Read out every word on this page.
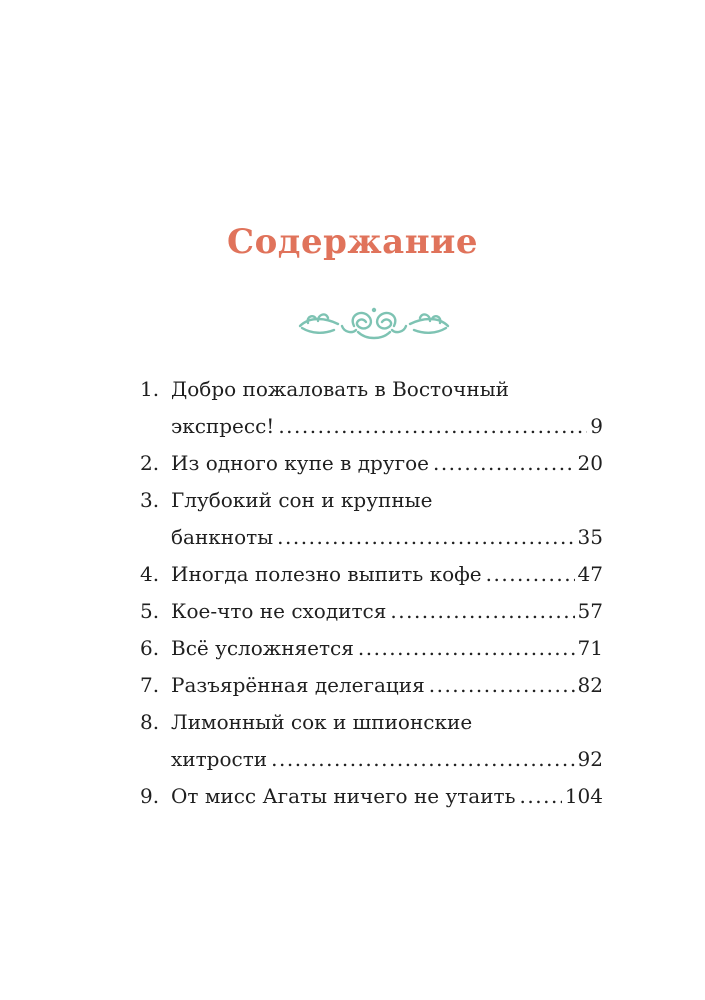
Содержание
1. Добро пожаловать в Восточный
экспресс! .....	9
2. Из одного купе в другое .....	20
3. Глубокий сон и крупные
банкноты .....	35
4. Иногда полезно выпить кофе .....	47
5. Кое-что не сходится .....	57
6. Всё усложняется .....	71
7. Разъярённая делегация .....	82
8. Лимонный сок и шпионские
хитрости .....	92
9. От мисс Агаты ничего не утаить ..... 104
